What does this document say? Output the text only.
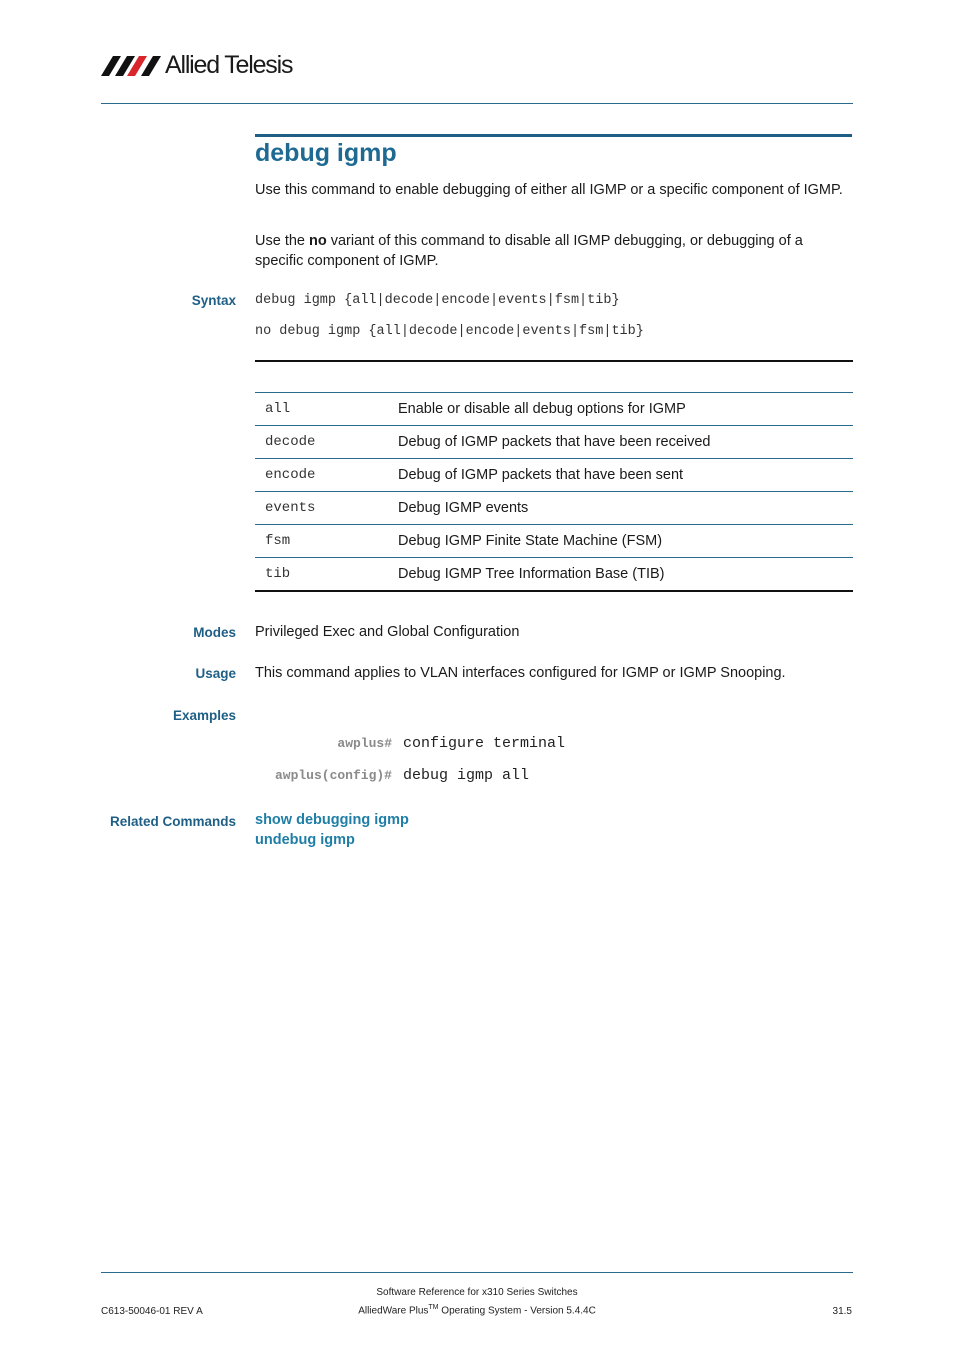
Allied Telesis
debug igmp
Use this command to enable debugging of either all IGMP or a specific component of IGMP.
Use the no variant of this command to disable all IGMP debugging, or debugging of a specific component of IGMP.
Syntax debug igmp {all|decode|encode|events|fsm|tib}
no debug igmp {all|decode|encode|events|fsm|tib}
all	Enable or disable all debug options for IGMP
decode	Debug of IGMP packets that have been received
encode	Debug of IGMP packets that have been sent
events	Debug IGMP events
fsm	Debug IGMP Finite State Machine (FSM)
tib	Debug IGMP Tree Information Base (TIB)
Modes Privileged Exec and Global Configuration
Usage This command applies to VLAN interfaces configured for IGMP or IGMP Snooping.
Examples
awplus# configure terminal
awplus(config)# debug igmp all
Related Commands show debugging igmp
undebug igmp
Software Reference for x310 Series Switches
AlliedWare Plus™ Operating System - Version 5.4.4C
C613-50046-01 REV A	31.5
